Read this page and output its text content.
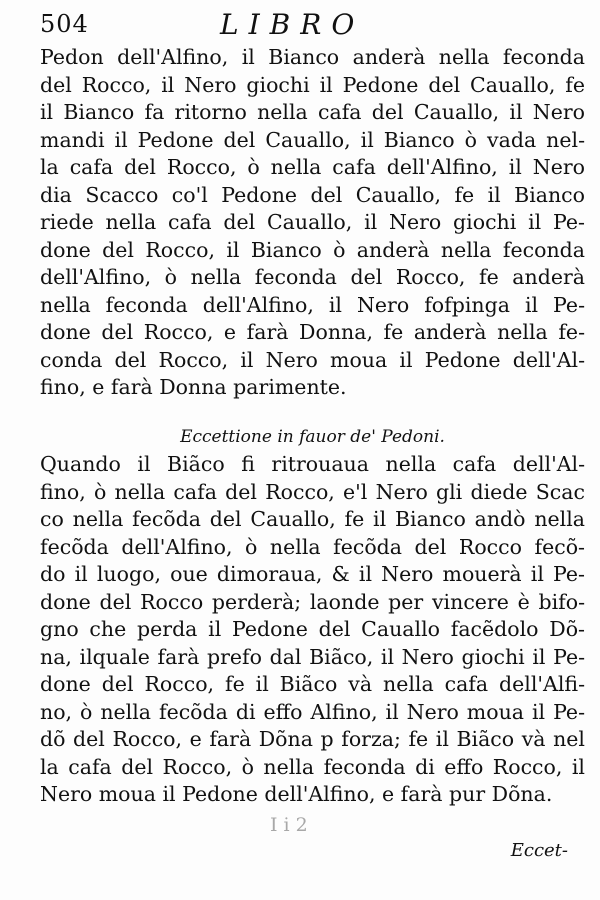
504	LIBRO
Pedon dell'Alfino, il Bianco anderà nella feconda
del Rocco, il Nero giochi il Pedone del Cauallo, fe
il Bianco fa ritorno nella cafa del Cauallo, il Nero
mandi il Pedone del Cauallo, il Bianco ò vada nel-
la cafa del Rocco, ò nella cafa dell'Alfino, il Nero
dia Scacco co'l Pedone del Cauallo, fe il Bianco
riede nella cafa del Cauallo, il Nero giochi il Pe-
done del Rocco, il Bianco ò anderà nella feconda
dell'Alfino, ò nella feconda del Rocco, fe anderà
nella feconda dell'Alfino, il Nero fofpinga il Pe-
done del Rocco, e farà Donna, fe anderà nella fe-
conda del Rocco, il Nero moua il Pedone dell'Al-
fino, e farà Donna parimente.
Eccettione in fauor de' Pedoni.
Quando il Biãco fi ritrouaua nella cafa dell'Al-
fino, ò nella cafa del Rocco, e'l Nero gli diede Scac
co nella fecõda del Cauallo, fe il Bianco andò nella
fecõda dell'Alfino, ò nella fecõda del Rocco fecõ-
do il luogo, oue dimoraua, & il Nero mouerà il Pe-
done del Rocco perderà; laonde per vincere è bifo-
gno che perda il Pedone del Cauallo facẽdolo Dõ-
na, ilquale farà prefo dal Biãco, il Nero giochi il Pe-
done del Rocco, fe il Biãco và nella cafa dell'Alfi-
no, ò nella fecõda di effo Alfino, il Nero moua il Pe-
dõ del Rocco, e farà Dõna p forza; fe il Biãco và nel
la cafa del Rocco, ò nella feconda di effo Rocco, il
Nero moua il Pedone dell'Alfino, e farà pur Dõna.
I i 2
Eccet-
